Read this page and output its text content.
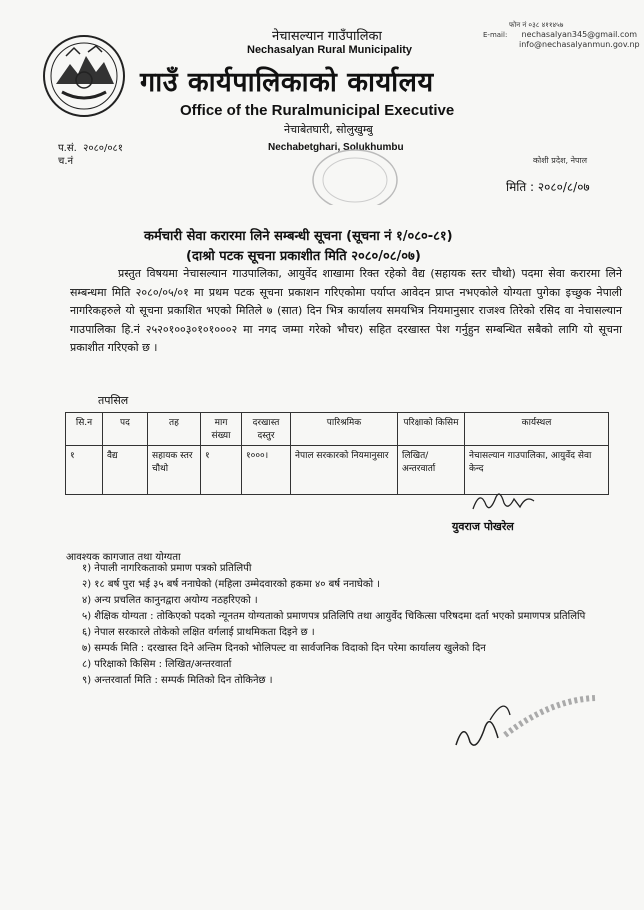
नेचासल्यान गाउँपालिका
Nechasalyan Rural Municipality
गाउँ कार्यपालिकाको कार्यालय
Office of the Ruralmunicipal Executive
नेचाबेतघारी, सोलुखुम्बु
Nechabetghari, Solukhumbu
फोन नं ०३८ ४११४५७
E-mail: nechasalyan345@gmail.com
info@nechasalyanmun.gov.np
प.सं. २०८०/०८१
च.नं	कोशी प्रदेश, नेपाल
मिति : २०८०/८/०७
कर्मचारी सेवा करारमा लिने सम्बन्धी सूचना (सूचना नं १/०८०-८१)
(दाश्रो पटक सूचना प्रकाशीत मिति २०८०/०८/०७)
प्रस्तुत विषयमा नेचासल्यान गाउपालिका, आयुर्वेद शाखामा रिक्त रहेको वैद्य (सहायक स्तर चौथो) पदमा सेवा करारमा लिने सम्बन्धमा मिति २०८०/०५/०१ मा प्रथम पटक सूचना प्रकाशन गरिएकोमा पर्याप्त आवेदन प्राप्त नभएकोले योग्यता पुगेका इच्छुक नेपाली नागरिकहरुले यो सूचना प्रकाशित भएको मितिले ७ (सात) दिन भित्र कार्यालय समयभित्र नियमानुसार राजश्व तिरेको रसिद वा नेचासल्यान गाउपालिका हि.नं २५२०१००३०१०१०००२ मा नगद जम्मा गरेको भौचर) सहित दरखास्त पेश गर्नुहुन सम्बन्धित सबैको लागि यो सूचना प्रकाशीत गरिएको छ ।
तपसिल
सि.न	पद	तह	माग संख्या	दरखास्त दस्तुर	पारिश्रमिक	परिक्षाको किसिम	कार्यस्थल
१	वैद्य	सहायक स्तर चौथो	१	१०००।	नेपाल सरकारको नियमानुसार	लिखित/ अन्तरवार्ता	नेचासल्यान गाउपालिका, आयुर्वेद सेवा केन्द
युवराज पोखरेल
आवश्यक कागजात तथा योग्यता
१) नेपाली नागरिकताको प्रमाण पत्रको प्रतिलिपी
२) १८ बर्ष पुरा भई ३५ बर्ष ननाघेको (महिला उम्मेदवारको हकमा ४० बर्ष ननाघेको ।
४) अन्य प्रचलित कानुनद्वारा अयोग्य नठहरिएको ।
५) शैक्षिक योग्यता : तोकिएको पदको न्यूनतम योग्यताको प्रमाणपत्र प्रतिलिपि तथा आयुर्वेद चिकित्सा परिषदमा दर्ता भएको प्रमाणपत्र प्रतिलिपि
६) नेपाल सरकारले तोकेको लक्षित वर्गलाई प्राथमिकता दिइने छ ।
७) सम्पर्क मिति : दरखास्त दिने अन्तिम दिनको भोलिपल्ट वा सार्वजनिक विदाको दिन परेमा कार्यालय खुलेको दिन
८) परिक्षाको किसिम : लिखित/अन्तरवार्ता
९) अन्तरवार्ता मिति : सम्पर्क मितिको दिन तोकिनेछ ।
